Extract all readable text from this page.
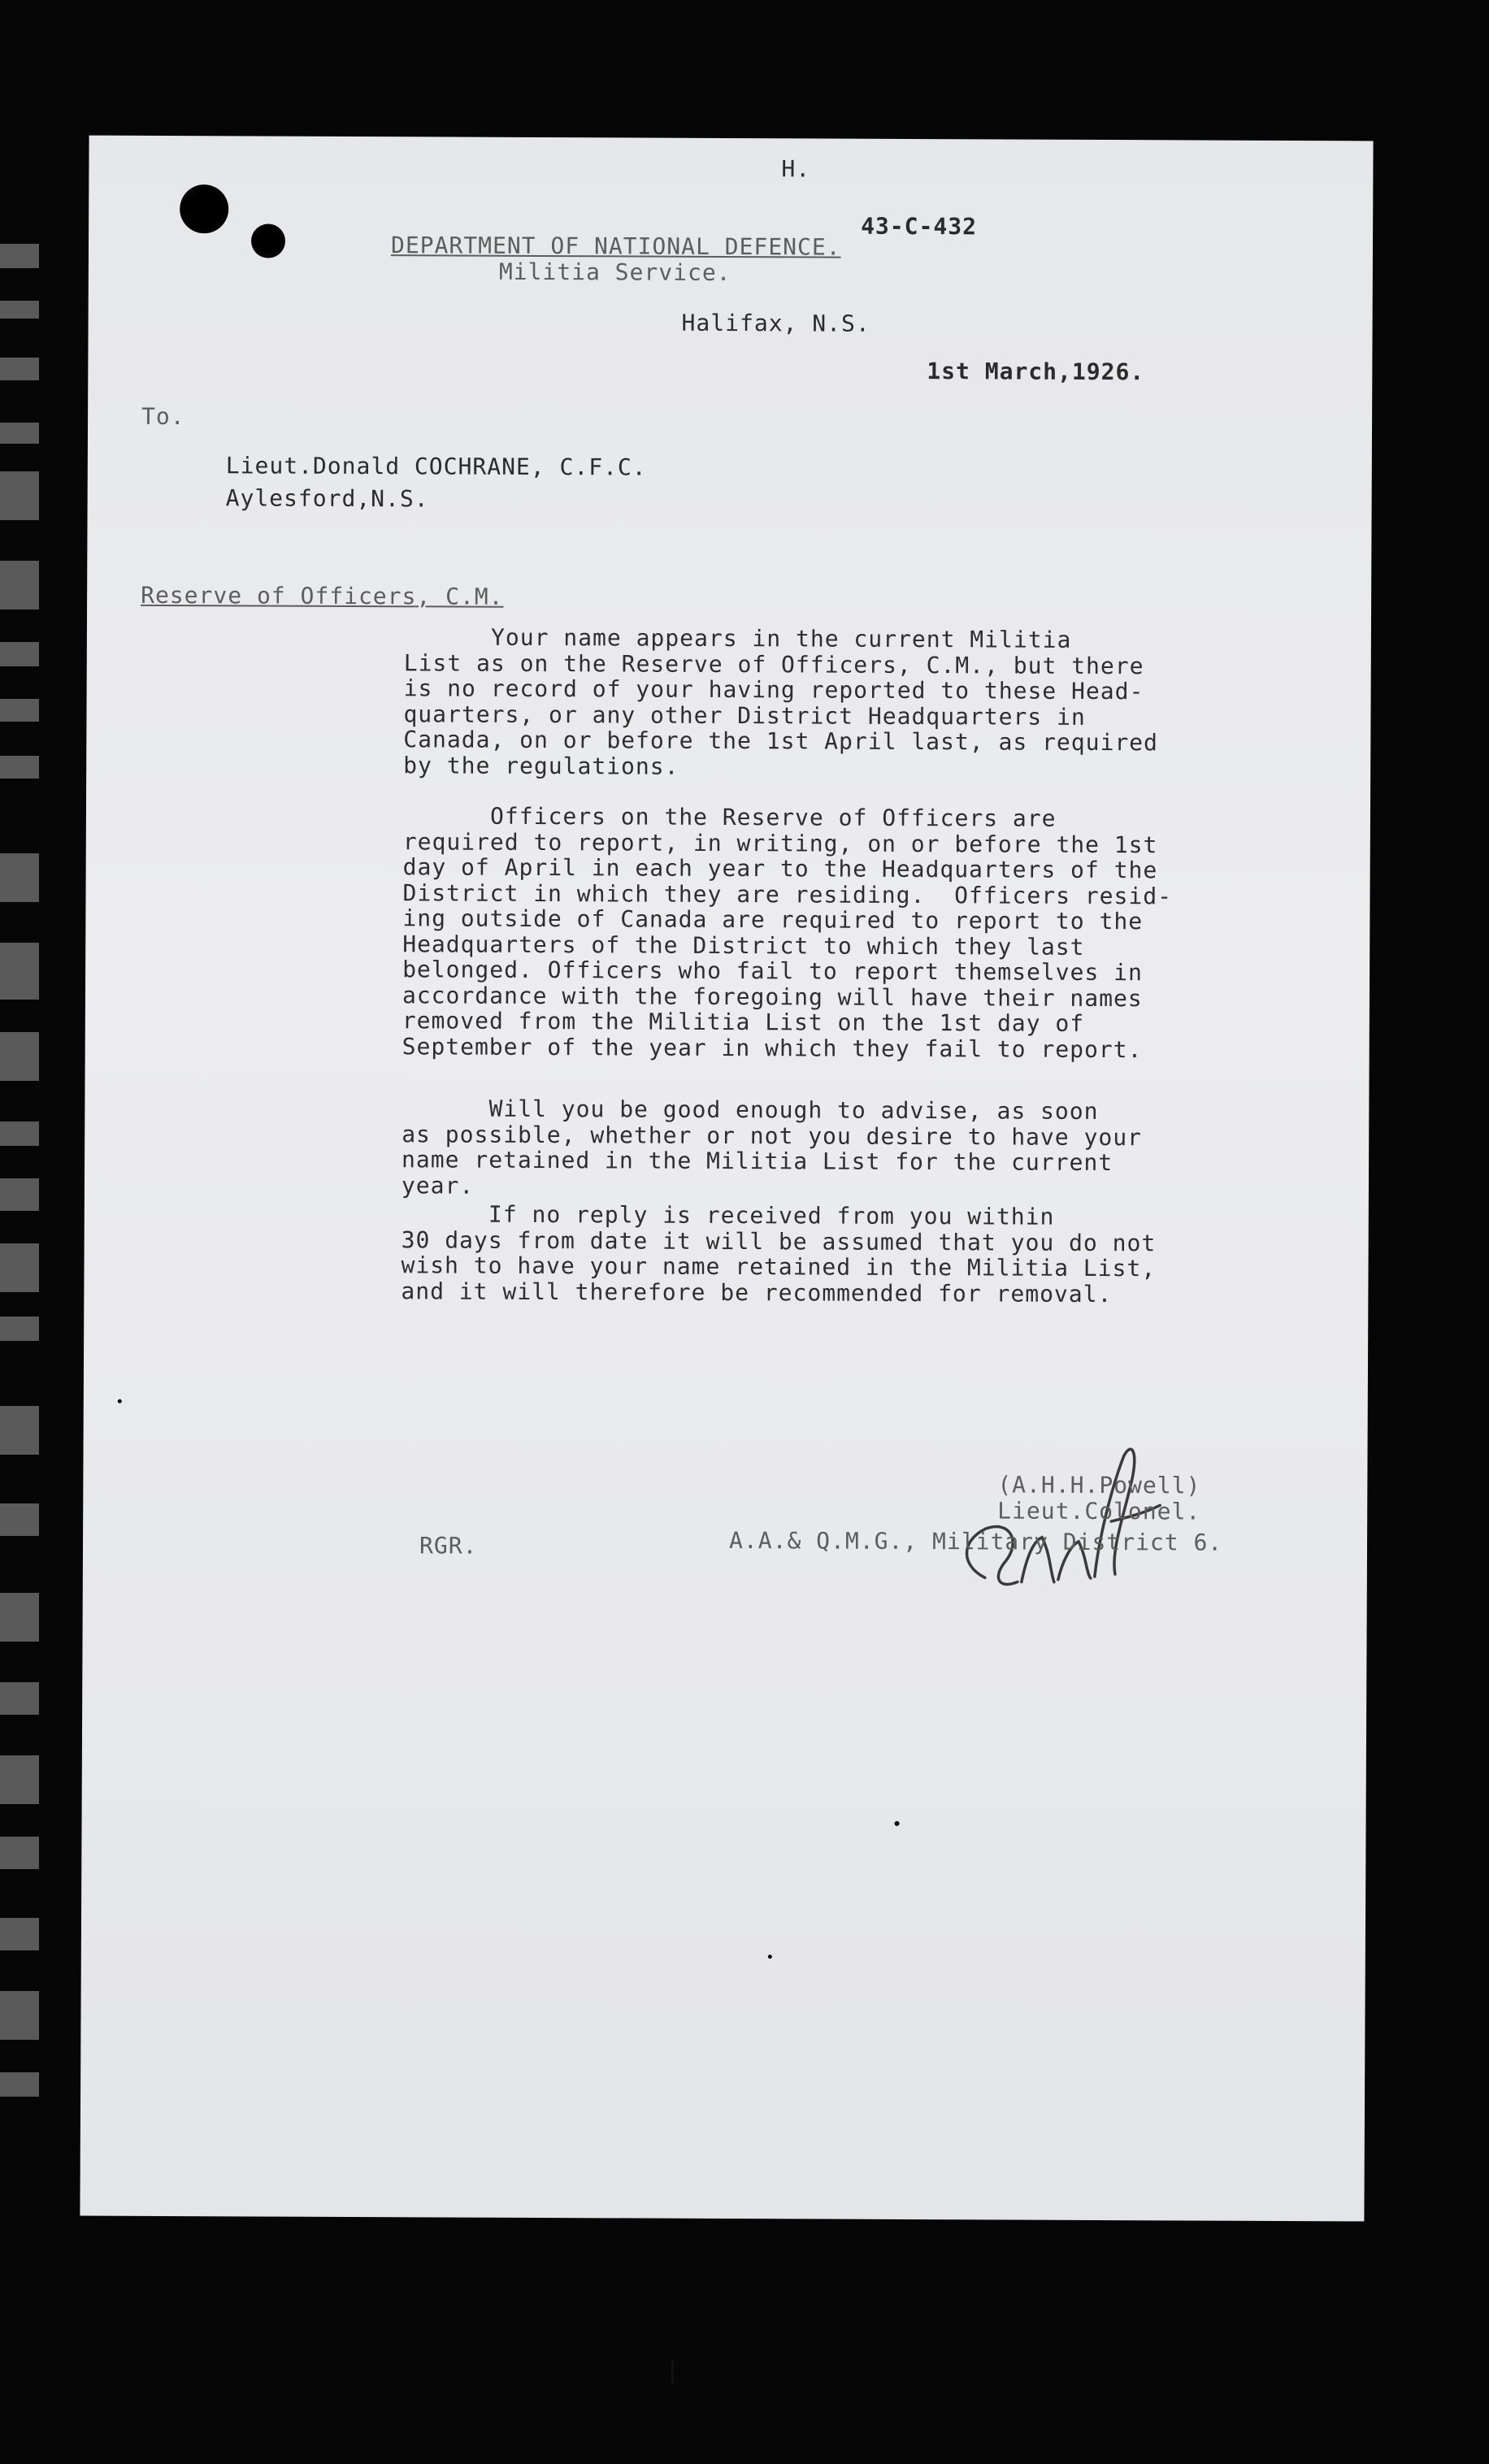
H.
43-C-432
DEPARTMENT OF NATIONAL DEFENCE.
Militia Service.
Halifax, N.S.
1st March,1926.
To.
Lieut.Donald COCHRANE, C.F.C.
Aylesford,N.S.
Reserve of Officers, C.M.
Your name appears in the current Militia
List as on the Reserve of Officers, C.M., but there
is no record of your having reported to these Head-
quarters, or any other District Headquarters in
Canada, on or before the 1st April last, as required
by the regulations.
Officers on the Reserve of Officers are
required to report, in writing, on or before the 1st
day of April in each year to the Headquarters of the
District in which they are residing.  Officers resid-
ing outside of Canada are required to report to the
Headquarters of the District to which they last
belonged. Officers who fail to report themselves in
accordance with the foregoing will have their names
removed from the Militia List on the 1st day of
September of the year in which they fail to report.
Will you be good enough to advise, as soon
as possible, whether or not you desire to have your
name retained in the Militia List for the current
year.
If no reply is received from you within
30 days from date it will be assumed that you do not
wish to have your name retained in the Militia List,
and it will therefore be recommended for removal.
(A.H.H.Powell)
Lieut.Colonel.
A.A.& Q.M.G., Military District 6.
RGR.
